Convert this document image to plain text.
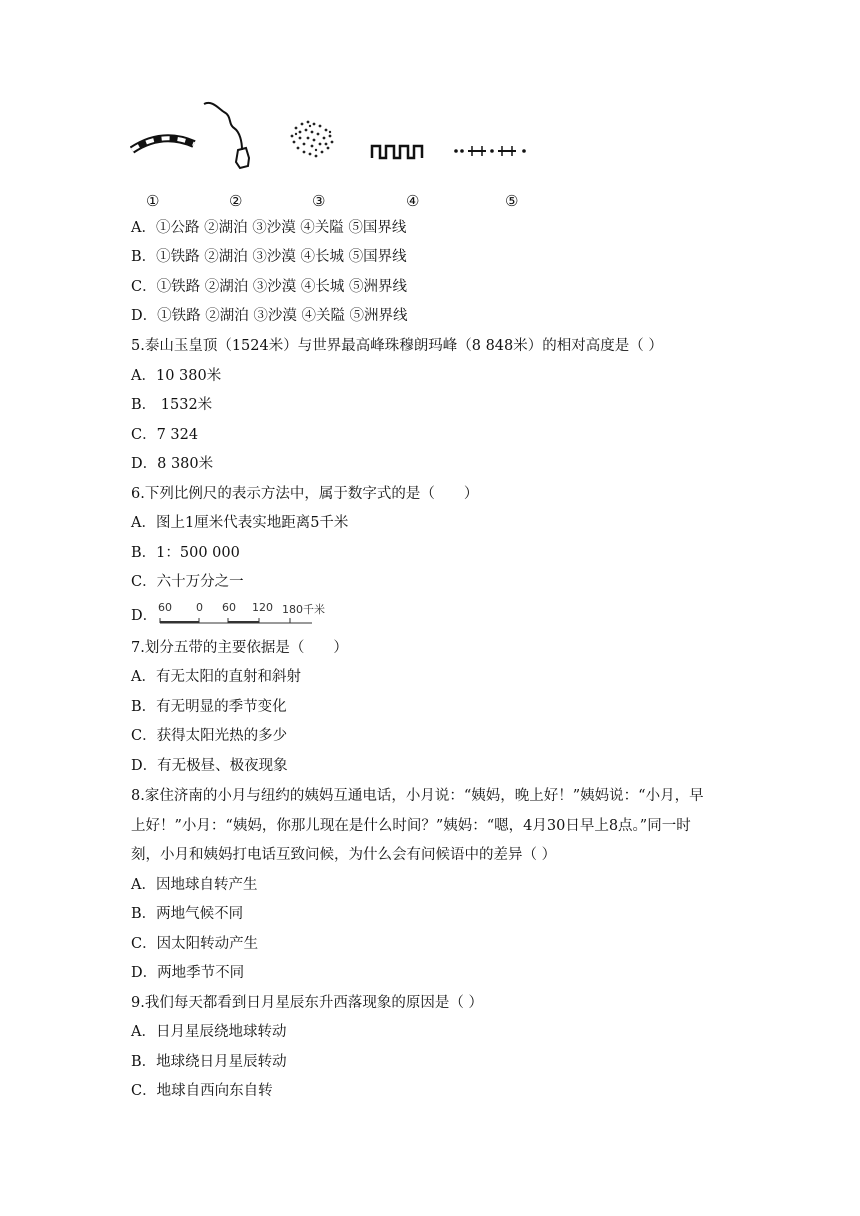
①	②	③	④	⑤
A．①公路 ②湖泊 ③沙漠 ④关隘 ⑤国界线
B．①铁路 ②湖泊 ③沙漠 ④长城 ⑤国界线
C．①铁路 ②湖泊 ③沙漠 ④长城 ⑤洲界线
D．①铁路 ②湖泊 ③沙漠 ④关隘 ⑤洲界线
5.泰山玉皇顶（1524米）与世界最高峰珠穆朗玛峰（8 848米）的相对高度是（ ）
A．10 380米
B． 1532米
C．7 324
D．8 380米
6.下列比例尺的表示方法中，属于数字式的是（　　）
A．图上1厘米代表实地距离5千米
B．1：500 000
C．六十万分之一
D．
60 0 60 120 180千米
7.划分五带的主要依据是（　　）
A．有无太阳的直射和斜射
B．有无明显的季节变化
C．获得太阳光热的多少
D．有无极昼、极夜现象
8.家住济南的小月与纽约的姨妈互通电话，小月说：“姨妈，晚上好！”姨妈说：“小月，早
上好！”小月：“姨妈，你那儿现在是什么时间？”姨妈：“嗯，4月30日早上8点。”同一时
刻，小月和姨妈打电话互致问候，为什么会有问候语中的差异（ ）
A．因地球自转产生
B．两地气候不同
C．因太阳转动产生
D．两地季节不同
9.我们每天都看到日月星辰东升西落现象的原因是（ ）
A．日月星辰绕地球转动
B．地球绕日月星辰转动
C．地球自西向东自转
